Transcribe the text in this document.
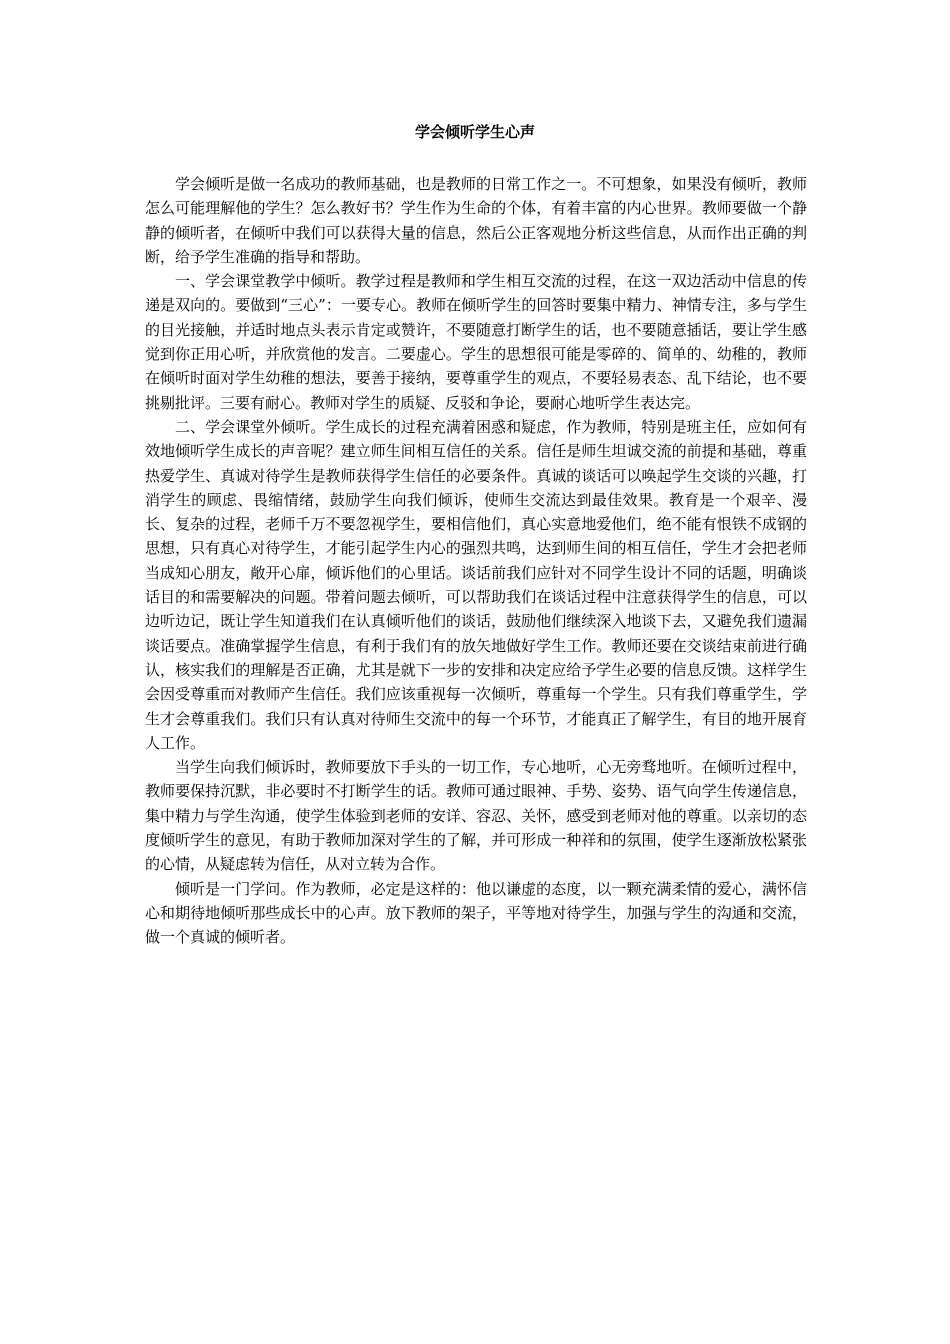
学会倾听学生心声

学会倾听是做一名成功的教师基础，也是教师的日常工作之一。不可想象，如果没有倾听，教师怎么可能理解他的学生？怎么教好书？学生作为生命的个体，有着丰富的内心世界。教师要做一个静静的倾听者，在倾听中我们可以获得大量的信息，然后公正客观地分析这些信息，从而作出正确的判断，给予学生准确的指导和帮助。

一、学会课堂教学中倾听。教学过程是教师和学生相互交流的过程，在这一双边活动中信息的传递是双向的。要做到“三心”：一要专心。教师在倾听学生的回答时要集中精力、神情专注，多与学生的目光接触，并适时地点头表示肯定或赞许，不要随意打断学生的话，也不要随意插话，要让学生感觉到你正用心听，并欣赏他的发言。二要虚心。学生的思想很可能是零碎的、简单的、幼稚的，教师在倾听时面对学生幼稚的想法，要善于接纳，要尊重学生的观点，不要轻易表态、乱下结论，也不要挑剔批评。三要有耐心。教师对学生的质疑、反驳和争论，要耐心地听学生表达完。

二、学会课堂外倾听。学生成长的过程充满着困惑和疑虑，作为教师，特别是班主任，应如何有效地倾听学生成长的声音呢？建立师生间相互信任的关系。信任是师生坦诚交流的前提和基础，尊重热爱学生、真诚对待学生是教师获得学生信任的必要条件。真诚的谈话可以唤起学生交谈的兴趣，打消学生的顾虑、畏缩情绪，鼓励学生向我们倾诉，使师生交流达到最佳效果。教育是一个艰辛、漫长、复杂的过程，老师千万不要忽视学生，要相信他们，真心实意地爱他们，绝不能有恨铁不成钢的思想，只有真心对待学生，才能引起学生内心的强烈共鸣，达到师生间的相互信任，学生才会把老师当成知心朋友，敞开心扉，倾诉他们的心里话。谈话前我们应针对不同学生设计不同的话题，明确谈话目的和需要解决的问题。带着问题去倾听，可以帮助我们在谈话过程中注意获得学生的信息，可以边听边记，既让学生知道我们在认真倾听他们的谈话，鼓励他们继续深入地谈下去，又避免我们遗漏谈话要点。准确掌握学生信息，有利于我们有的放矢地做好学生工作。教师还要在交谈结束前进行确认，核实我们的理解是否正确，尤其是就下一步的安排和决定应给予学生必要的信息反馈。这样学生会因受尊重而对教师产生信任。我们应该重视每一次倾听，尊重每一个学生。只有我们尊重学生，学生才会尊重我们。我们只有认真对待师生交流中的每一个环节，才能真正了解学生，有目的地开展育人工作。

当学生向我们倾诉时，教师要放下手头的一切工作，专心地听，心无旁骛地听。在倾听过程中，教师要保持沉默，非必要时不打断学生的话。教师可通过眼神、手势、姿势、语气向学生传递信息，集中精力与学生沟通，使学生体验到老师的安详、容忍、关怀，感受到老师对他的尊重。以亲切的态度倾听学生的意见，有助于教师加深对学生的了解，并可形成一种祥和的氛围，使学生逐渐放松紧张的心情，从疑虑转为信任，从对立转为合作。

倾听是一门学问。作为教师，必定是这样的：他以谦虚的态度，以一颗充满柔情的爱心，满怀信心和期待地倾听那些成长中的心声。放下教师的架子，平等地对待学生，加强与学生的沟通和交流，做一个真诚的倾听者。
